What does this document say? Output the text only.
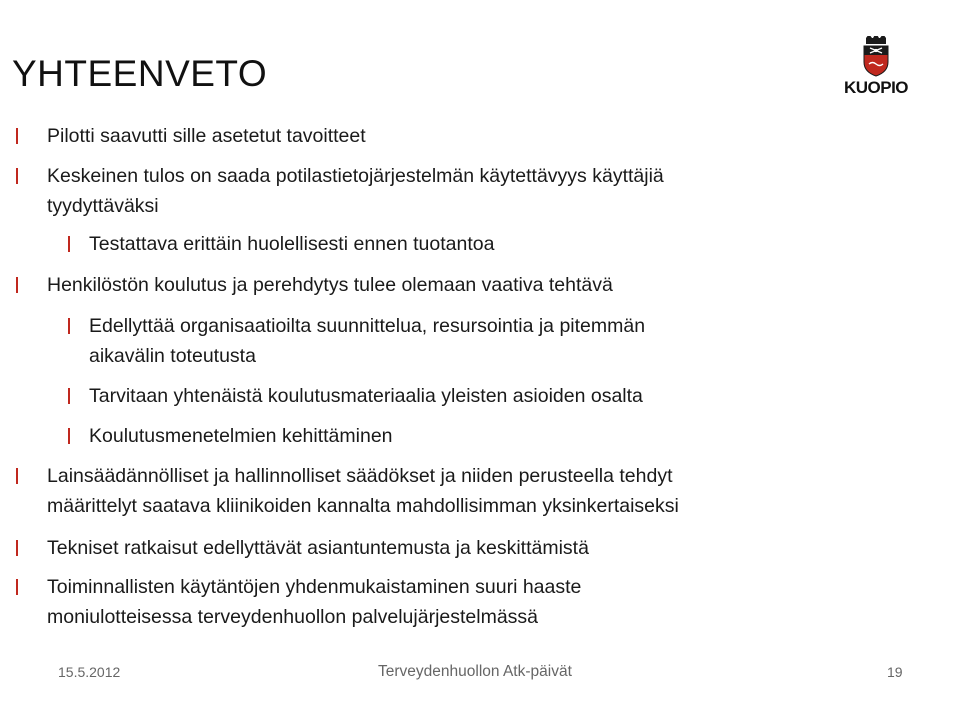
YHTEENVETO	KUOPIO
Pilotti saavutti sille asetetut tavoitteet
Keskeinen tulos on saada potilastietojärjestelmän käytettävyys käyttäjiä
tyydyttäväksi
Testattava erittäin huolellisesti ennen tuotantoa
Henkilöstön koulutus ja perehdytys tulee olemaan vaativa tehtävä
Edellyttää organisaatioilta suunnittelua, resursointia ja pitemmän
aikavälin toteutusta
Tarvitaan yhtenäistä koulutusmateriaalia yleisten asioiden osalta
Koulutusmenetelmien kehittäminen
Lainsäädännölliset ja hallinnolliset säädökset ja niiden perusteella tehdyt
määrittelyt saatava kliinikoiden kannalta mahdollisimman yksinkertaiseksi
Tekniset ratkaisut edellyttävät asiantuntemusta ja keskittämistä
Toiminnallisten käytäntöjen yhdenmukaistaminen suuri haaste
moniulotteisessa terveydenhuollon palvelujärjestelmässä
15.5.2012	Terveydenhuollon Atk-päivät	19
